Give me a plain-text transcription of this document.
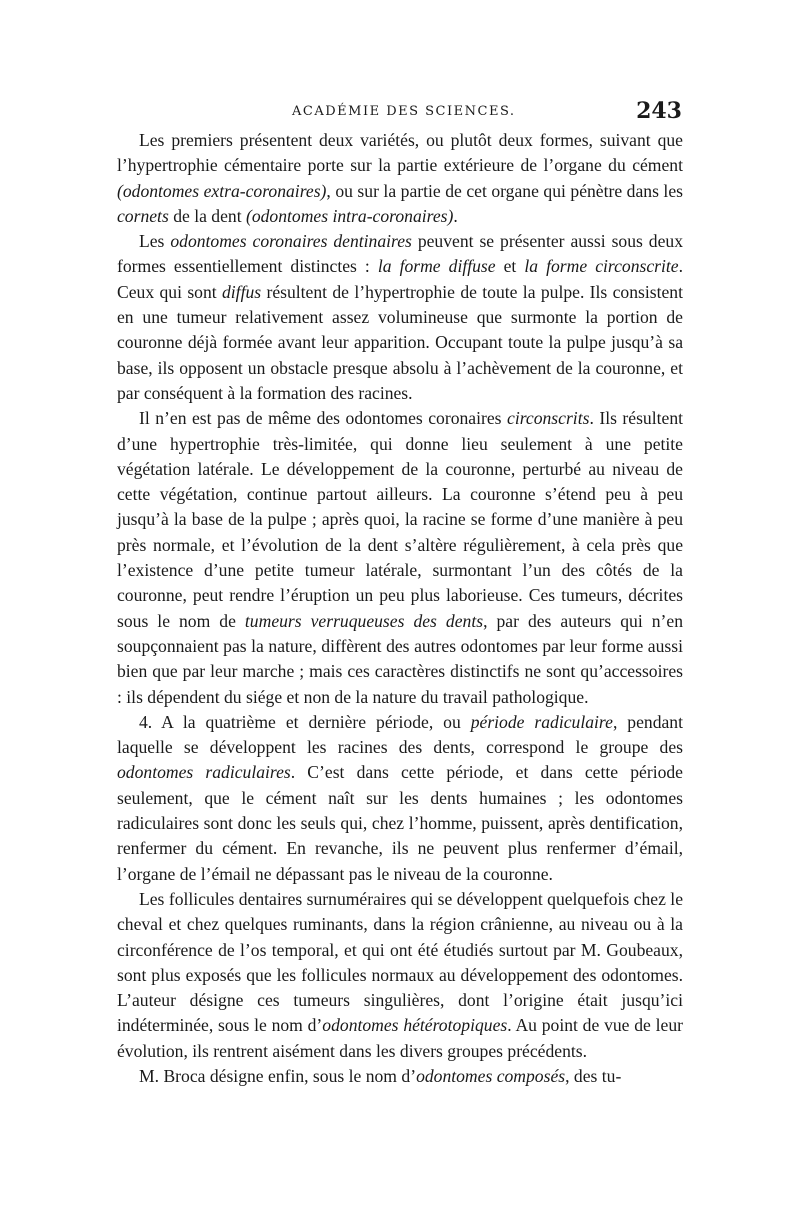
ACADÉMIE DES SCIENCES.	243

Les premiers présentent deux variétés, ou plutôt deux formes, suivant que l’hypertrophie cémentaire porte sur la partie extérieure de l’organe du cément (odontomes extra-coronaires), ou sur la partie de cet organe qui pénètre dans les cornets de la dent (odontomes intra-coronaires).

Les odontomes coronaires dentinaires peuvent se présenter aussi sous deux formes essentiellement distinctes : la forme diffuse et la forme circonscrite. Ceux qui sont diffus résultent de l’hypertrophie de toute la pulpe. Ils consistent en une tumeur relativement assez volumineuse que surmonte la portion de couronne déjà formée avant leur apparition. Occupant toute la pulpe jusqu’à sa base, ils opposent un obstacle presque absolu à l’achèvement de la couronne, et par conséquent à la formation des racines.

Il n’en est pas de même des odontomes coronaires circonscrits. Ils résultent d’une hypertrophie très-limitée, qui donne lieu seulement à une petite végétation latérale. Le développement de la couronne, perturbé au niveau de cette végétation, continue partout ailleurs. La couronne s’étend peu à peu jusqu’à la base de la pulpe ; après quoi, la racine se forme d’une manière à peu près normale, et l’évolution de la dent s’altère régulièrement, à cela près que l’existence d’une petite tumeur latérale, surmontant l’un des côtés de la couronne, peut rendre l’éruption un peu plus laborieuse. Ces tumeurs, décrites sous le nom de tumeurs verruqueuses des dents, par des auteurs qui n’en soupçonnaient pas la nature, diffèrent des autres odontomes par leur forme aussi bien que par leur marche ; mais ces caractères distinctifs ne sont qu’accessoires : ils dépendent du siége et non de la nature du travail pathologique.

4. A la quatrième et dernière période, ou période radiculaire, pendant laquelle se développent les racines des dents, correspond le groupe des odontomes radiculaires. C’est dans cette période, et dans cette période seulement, que le cément naît sur les dents humaines ; les odontomes radiculaires sont donc les seuls qui, chez l’homme, puissent, après dentification, renfermer du cément. En revanche, ils ne peuvent plus renfermer d’émail, l’organe de l’émail ne dépassant pas le niveau de la couronne.

Les follicules dentaires surnuméraires qui se développent quelquefois chez le cheval et chez quelques ruminants, dans la région crânienne, au niveau ou à la circonférence de l’os temporal, et qui ont été étudiés surtout par M. Goubeaux, sont plus exposés que les follicules normaux au développement des odontomes. L’auteur désigne ces tumeurs singulières, dont l’origine était jusqu’ici indéterminée, sous le nom d’odontomes hétérotopiques. Au point de vue de leur évolution, ils rentrent aisément dans les divers groupes précédents.

M. Broca désigne enfin, sous le nom d’odontomes composés, des tu-
